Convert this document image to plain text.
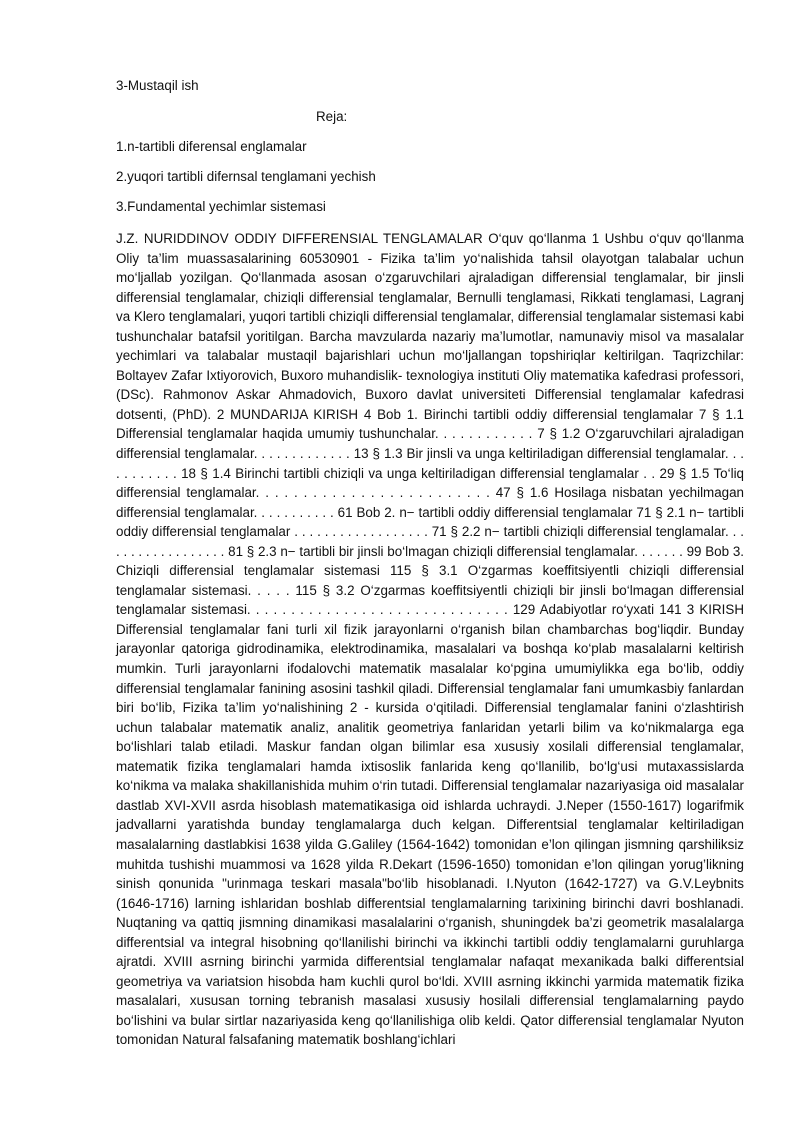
3-Mustaqil ish
Reja:
1.n-tartibli diferensal englamalar
2.yuqori tartibli difernsal tenglamani yechish
3.Fundamental yechimlar sistemasi
J.Z. NURIDDINOV ODDIY DIFFERENSIAL TENGLAMALAR O‘quv qo‘llanma 1 Ushbu o‘quv qo‘llanma Oliy ta’lim muassasalarining 60530901 - Fizika ta’lim yo‘nalishida tahsil olayotgan talabalar uchun mo‘ljallab yozilgan. Qo‘llanmada asosan o‘zgaruvchilari ajraladigan differensial tenglamalar, bir jinsli differensial tenglamalar, chiziqli differensial tenglamalar, Bernulli tenglamasi, Rikkati tenglamasi, Lagranj va Klero tenglamalari, yuqori tartibli chiziqli differensial tenglamalar, differensial tenglamalar sistemasi kabi tushunchalar batafsil yoritilgan. Barcha mavzularda nazariy ma’lumotlar, namunaviy misol va masalalar yechimlari va talabalar mustaqil bajarishlari uchun mo‘ljallangan topshiriqlar keltirilgan. Taqrizchilar: Boltayev Zafar Ixtiyorovich, Buxoro muhandislik- texnologiya instituti Oliy matematika kafedrasi professori, (DSc). Rahmonov Askar Ahmadovich, Buxoro davlat universiteti Differensial tenglamalar kafedrasi dotsenti, (PhD). 2 MUNDARIJA KIRISH 4 Bob 1. Birinchi tartibli oddiy differensial tenglamalar 7 § 1.1 Differensial tenglamalar haqida umumiy tushunchalar. . . . . . . . . . . . 7 § 1.2 O‘zgaruvchilari ajraladigan differensial tenglamalar. . . . . . . . . . . . . 13 § 1.3 Bir jinsli va unga keltiriladigan differensial tenglamalar. . . . . . . . . . . 18 § 1.4 Birinchi tartibli chiziqli va unga keltiriladigan differensial tenglamalar . . 29 § 1.5 To‘liq differensial tenglamalar. . . . . . . . . . . . . . . . . . . . . . . . . 47 § 1.6 Hosilaga nisbatan yechilmagan differensial tenglamalar. . . . . . . . . . . 61 Bob 2. n− tartibli oddiy differensial tenglamalar 71 § 2.1 n− tartibli oddiy differensial tenglamalar . . . . . . . . . . . . . . . . . . 71 § 2.2 n− tartibli chiziqli differensial tenglamalar. . . . . . . . . . . . . . . . . . 81 § 2.3 n− tartibli bir jinsli bo‘lmagan chiziqli differensial tenglamalar. . . . . . . 99 Bob 3. Chiziqli differensial tenglamalar sistemasi 115 § 3.1 O‘zgarmas koeffitsiyentli chiziqli differensial tenglamalar sistemasi. . . . . 115 § 3.2 O‘zgarmas koeffitsiyentli chiziqli bir jinsli bo‘lmagan differensial tenglamalar sistemasi. . . . . . . . . . . . . . . . . . . . . . . . . . . . . . 129 Adabiyotlar ro‘yxati 141 3 KIRISH Differensial tenglamalar fani turli xil fizik jarayonlarni o‘rganish bilan chambarchas bog‘liqdir. Bunday jarayonlar qatoriga gidrodinamika, elektrodinamika, masalalari va boshqa ko‘plab masalalarni keltirish mumkin. Turli jarayonlarni ifodalovchi matematik masalalar ko‘pgina umumiylikka ega bo‘lib, oddiy differensial tenglamalar fanining asosini tashkil qiladi. Differensial tenglamalar fani umumkasbiy fanlardan biri bo‘lib, Fizika ta’lim yo‘nalishining 2 - kursida o‘qitiladi. Differensial tenglamalar fanini o‘zlashtirish uchun talabalar matematik analiz, analitik geometriya fanlaridan yetarli bilim va ko‘nikmalarga ega bo‘lishlari talab etiladi. Maskur fandan olgan bilimlar esa xususiy xosilali differensial tenglamalar, matematik fizika tenglamalari hamda ixtisoslik fanlarida keng qo‘llanilib, bo‘lg‘usi mutaxassislarda ko‘nikma va malaka shakillanishida muhim o‘rin tutadi. Differensial tenglamalar nazariyasiga oid masalalar dastlab XVI-XVII asrda hisoblash matematikasiga oid ishlarda uchraydi. J.Neper (1550-1617) logarifmik jadvallarni yaratishda bunday tenglamalarga duch kelgan. Differentsial tenglamalar keltiriladigan masalalarning dastlabkisi 1638 yilda G.Galiley (1564-1642) tomonidan e’lon qilingan jismning qarshiliksiz muhitda tushishi muammosi va 1628 yilda R.Dekart (1596-1650) tomonidan e’lon qilingan yorug’likning sinish qonunida "urinmaga teskari masala"bo‘lib hisoblanadi. I.Nyuton (1642-1727) va G.V.Leybnits (1646-1716) larning ishlaridan boshlab differentsial tenglamalarning tarixining birinchi davri boshlanadi. Nuqtaning va qattiq jismning dinamikasi masalalarini o‘rganish, shuningdek ba’zi geometrik masalalarga differentsial va integral hisobning qo‘llanilishi birinchi va ikkinchi tartibli oddiy tenglamalarni guruhlarga ajratdi. XVIII asrning birinchi yarmida differentsial tenglamalar nafaqat mexanikada balki differentsial geometriya va variatsion hisobda ham kuchli qurol bo‘ldi. XVIII asrning ikkinchi yarmida matematik fizika masalalari, xususan torning tebranish masalasi xususiy hosilali differensial tenglamalarning paydo bo‘lishini va bular sirtlar nazariyasida keng qo‘llanilishiga olib keldi. Qator differensial tenglamalar Nyuton tomonidan Natural falsafaning matematik boshlang‘ichlari
